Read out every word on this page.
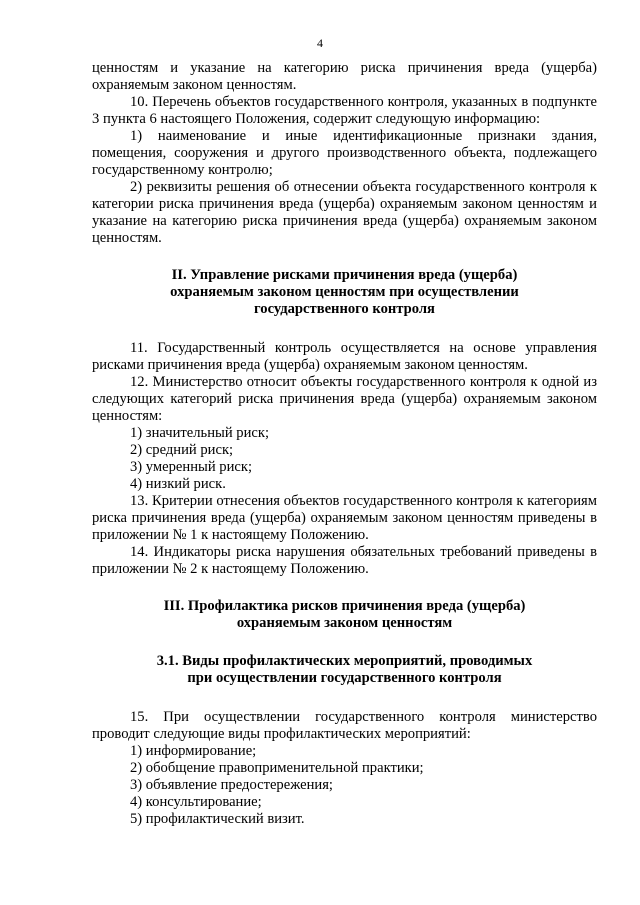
4

ценностям и указание на категорию риска причинения вреда (ущерба) охраняемым законом ценностям.

10. Перечень объектов государственного контроля, указанных в подпункте 3 пункта 6 настоящего Положения, содержит следующую информацию:

1) наименование и иные идентификационные признаки здания, помещения, сооружения и другого производственного объекта, подлежащего государственному контролю;

2) реквизиты решения об отнесении объекта государственного контроля к категории риска причинения вреда (ущерба) охраняемым законом ценностям и указание на категорию риска причинения вреда (ущерба) охраняемым законом ценностям.

II. Управление рисками причинения вреда (ущерба)

охраняемым законом ценностям при осуществлении

государственного контроля

11. Государственный контроль осуществляется на основе управления рисками причинения вреда (ущерба) охраняемым законом ценностям.

12. Министерство относит объекты государственного контроля к одной из следующих категорий риска причинения вреда (ущерба) охраняемым законом ценностям:

1) значительный риск;

2) средний риск;

3) умеренный риск;

4) низкий риск.

13. Критерии отнесения объектов государственного контроля к категориям риска причинения вреда (ущерба) охраняемым законом ценностям приведены в приложении № 1 к настоящему Положению.

14. Индикаторы риска нарушения обязательных требований приведены в приложении № 2 к настоящему Положению.

III. Профилактика рисков причинения вреда (ущерба)

охраняемым законом ценностям

3.1. Виды профилактических мероприятий, проводимых

при осуществлении государственного контроля

15. При осуществлении государственного контроля министерство проводит следующие виды профилактических мероприятий:

1) информирование;

2) обобщение правоприменительной практики;

3) объявление предостережения;

4) консультирование;

5) профилактический визит.
